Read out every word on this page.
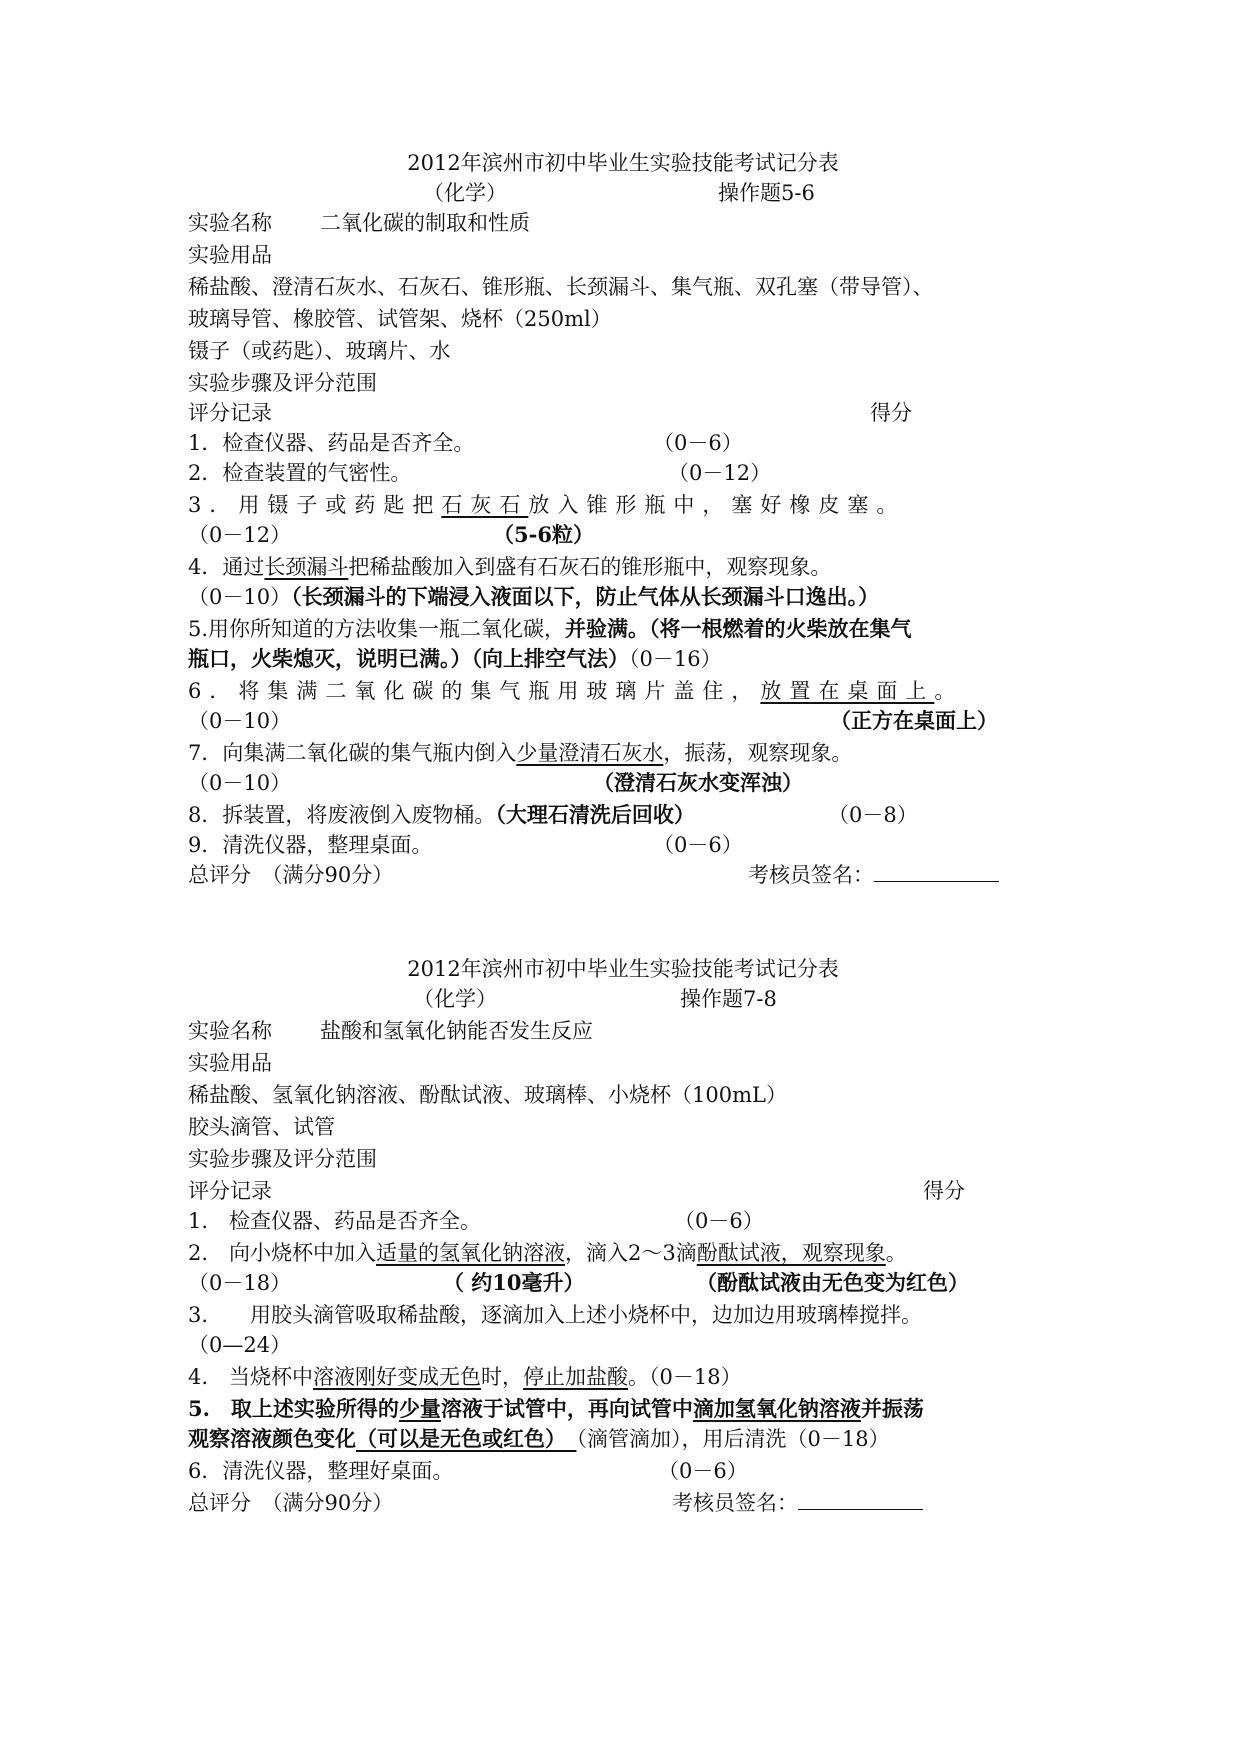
2012年滨州市初中毕业生实验技能考试记分表
（化学）	操作题5-6
实验名称 二氧化碳的制取和性质
实验用品
稀盐酸、澄清石灰水、石灰石、锥形瓶、长颈漏斗、集气瓶、双孔塞（带导管）、
玻璃导管、橡胶管、试管架、烧杯（250ml）
镊子（或药匙）、玻璃片、水
实验步骤及评分范围
评分记录	得分
1．检查仪器、药品是否齐全。	（0－6）
2．检查装置的气密性。	（0－12）
3．用镊子或药匙把石灰石放入锥形瓶中，塞好橡皮塞。
（0－12）	（5-6粒）
4．通过长颈漏斗把稀盐酸加入到盛有石灰石的锥形瓶中，观察现象。
（0－10）（长颈漏斗的下端浸入液面以下，防止气体从长颈漏斗口逸出。）
5.用你所知道的方法收集一瓶二氧化碳，并验满。（将一根燃着的火柴放在集气
瓶口，火柴熄灭，说明已满。）（向上排空气法）（0－16）
6．将集满二氧化碳的集气瓶用玻璃片盖住，放置在桌面上。
（0－10）	（正方在桌面上）
7．向集满二氧化碳的集气瓶内倒入少量澄清石灰水，振荡，观察现象。
（0－10）	（澄清石灰水变浑浊）
8．拆装置，将废液倒入废物桶。（大理石清洗后回收）	（0－8）
9．清洗仪器，整理桌面。	（0－6）
总评分　（满分90分）	考核员签名：
2012年滨州市初中毕业生实验技能考试记分表
（化学）	操作题7-8
实验名称 盐酸和氢氧化钠能否发生反应
实验用品
稀盐酸、氢氧化钠溶液、酚酞试液、玻璃棒、小烧杯（100mL）
胶头滴管、试管
实验步骤及评分范围
评分记录	得分
1.　检查仪器、药品是否齐全。	（0－6）
2.　向小烧杯中加入适量的氢氧化钠溶液，滴入2～3滴酚酞试液，观察现象。
（0－18）	（ 约10毫升）	（酚酞试液由无色变为红色）
3.　　用胶头滴管吸取稀盐酸，逐滴加入上述小烧杯中，边加边用玻璃棒搅拌。
（0—24）
4.　当烧杯中溶液刚好变成无色时，停止加盐酸。（0－18）
5.　取上述实验所得的少量溶液于试管中，再向试管中滴加氢氧化钠溶液并振荡
观察溶液颜色变化（可以是无色或红色）　（滴管滴加），用后清洗（0－18）
6．清洗仪器，整理好桌面。	（0－6）
总评分　（满分90分）	考核员签名：
